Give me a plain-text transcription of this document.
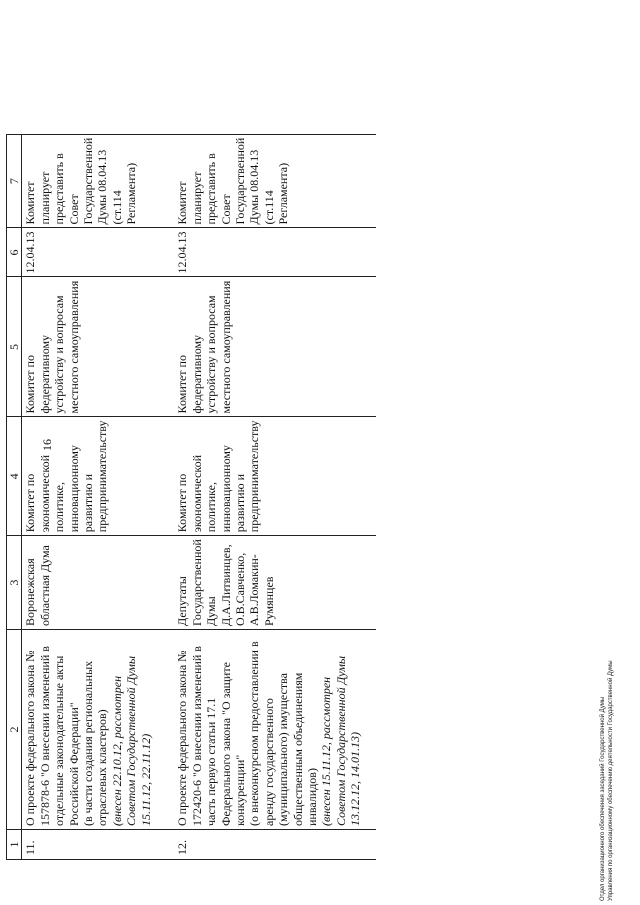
16
1	2	3	4	5	6	7
11.	О проекте федерального закона № 157878-6 "О внесении изменений в отдельные законодательные акты Российской Федерации" (в части создания региональных отраслевых кластеров) (внесен 22.10.12, рассмотрен Советом Государственной Думы 15.11.12, 22.11.12)	Воронежская областная Дума	Комитет по экономической политике, инновационному развитию и предпринимательству	Комитет по федеративному устройству и вопросам местного самоуправления	12.04.13	Комитет планирует представить в Совет Государственной Думы 08.04.13 (ст.114 Регламента)
12.	О проекте федерального закона № 172420-6 "О внесении изменений в часть первую статьи 17.1 Федерального закона "О защите конкуренции" (о внеконкурсном предоставлении в аренду государственного (муниципального) имущества общественным объединениям инвалидов) (внесен 15.11.12, рассмотрен Советом Государственной Думы 13.12.12, 14.01.13)	Депутаты Государственной Думы Д.А.Литвинцев, О.В.Савченко, А.В.Ломакин-Румянцев	Комитет по экономической политике, инновационному развитию и предпринимательству	Комитет по федеративному устройству и вопросам местного самоуправления	12.04.13	Комитет планирует представить в Совет Государственной Думы 08.04.13 (ст.114 Регламента)
Отдел организационного обеспечения заседаний Государственной Думы Управления по организационному обеспечению деятельности Государственной Думы
